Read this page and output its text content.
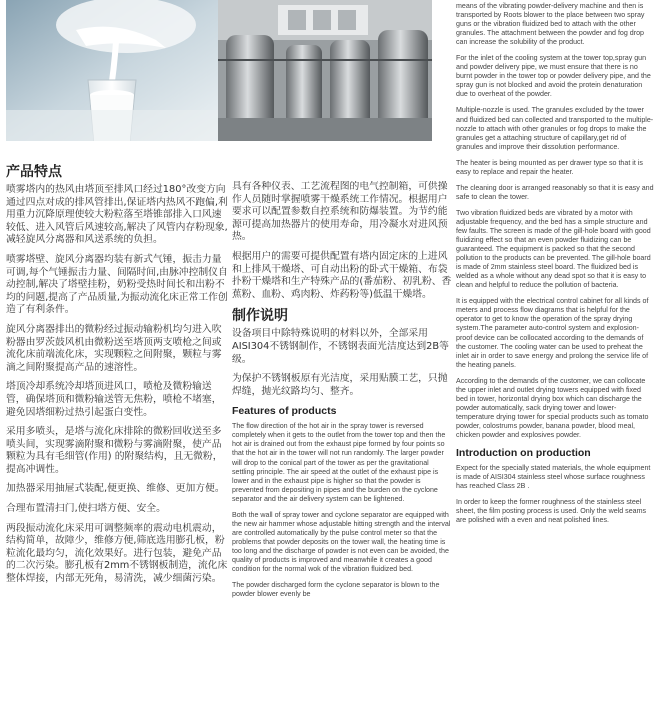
产品特点

喷雾塔内的热风由塔顶至排风口经过180°改变方向通过四点对成的排风管排出,保证塔内热风不跑偏,利用重力沉降原理使较大粉粒落至塔锥部排入口风速较低、进入风管后风速较高,解决了风管内存粉现象,减轻旋风分离器和风送系统的负担。

喷雾塔壁、旋风分离器均装有新式气锤，振击力量可调,每个气锤振击力量、间隔时间,由脉冲控制仪自动控制,解决了塔壁挂粉，奶粉受热时间长和出粉不均的问题,提高了产品质量,为振动流化床正常工作创造了有利条件。

旋风分离器排出的微粉经过振动输粉机均匀进入吹粉器由罗茨鼓风机由微粉送至塔顶两支喷枪之间或流化床前端流化床，实现颗粒之间附聚，颗粒与雾滴之间附聚提高产品的速溶性。

塔顶冷却系统冷却塔顶进风口，喷枪及微粉输送管，确保塔顶和微粉输送管无焦粉，喷枪不堵塞，避免因塔细粉过热引起蛋白变性。

采用多喷头，是塔与流化床排除的微粉回收送至多喷头间，实现雾滴附聚和微粉与雾滴附聚，使产品颗粒为具有毛细管(作用) 的附聚结构，且无微粉，提高冲调性。

加热器采用抽屉式装配,便更换、维修、更加方便。

合理布置清扫门,使扫塔方便、安全。

两段振动流化床采用可调整频率的震动电机震动，结构简单，故障少，维修方便,筛底选用膨孔板，粉粒流化最均匀，流化效果好。进行包装，避免产品的二次污染。膨孔板有2mm不锈钢板制造，流化床整体焊接，内部无死角，易清洗，减少细菌污染。

具有各种仪表、工艺流程图的电气控制箱，可供操作人员随时掌握喷雾干燥系统工作情况。根据用户要求可以配置参数自控系统和防爆装置。为节约能源可提高加热器片的使用寿命，用冷凝水对进风预热。

根据用户的需要可提供配置有塔内固定床的上进风和上排风干燥塔、可自动出粉的卧式干燥箱、布袋扑粉干燥塔和生产特殊产品的(番茄粉、初乳粉、香蕉粉、血粉、鸡肉粉、炸药粉等)低温干燥塔。

制作说明

设备项目中除特殊说明的材料以外，全部采用AISI304不锈钢制作，不锈钢表面光洁度达到2B等级。

为保护不锈钢板原有光洁度，采用贴膜工艺，只抛焊缝，抛光纹路均匀、整齐。

Features of products

The flow direction of the hot air in the spray tower is reversed completely when it gets to the outlet from the tower top and then the hot air is drained out from the exhaust pipe formed by four points so that the hot air in the tower will not run randomly. The larger powder will drop to the conical part of the tower as per the gravitational settling principle. The air speed at the outlet of the exhaust pipe is lower and in the exhaust pipe is higher so that the powder is prevented from depositing in pipes and the burden on the cyclone separator and the air delivery system can be lightened.

Both the wall of spray tower and cyclone separator are equipped with the new air hammer whose adjustable hitting strength and the interval are controlled automatically by the pulse control meter so that the problems that powder deposits on the tower wall, the heating time is too long and the discharge of powder is not even can be avoided, the quality of products is improved and meanwhile it creates a good condition for the normal wok of the vibration fluidized bed.

The powder discharged form the cyclone separator is blown to the powder blower evenly be

means of the vibrating powder-delivery machine and then is transported by Roots blower to the place between two spray guns or the vibration fluidized bed to attach with the other granules. The attachment between the powder and fog drop can increase the solubility of the product.

For the inlet of the cooling system at the tower top,spray gun and powder delivery pipe, we must ensure that there is no burnt powder in the tower top or powder delivery pipe, and the spray gun is not blocked and avoid the protein denaturation due to overheat of the powder.

Multiple-nozzle is used. The granules excluded by the tower and fluidized bed can collected and transported to the multiple-nozzle to attach with other granules or fog drops to make the granules get a attaching structure of capillary,get rid of granules and improve their dissolution performance.

The heater is being mounted as per drawer type so that it is easy to replace and repair the heater.

The cleaning door is arranged reasonably so that it is easy and safe to clean the tower.

Two vibration fluidized beds are vibrated by a motor with adjustable frequency, and the bed has a simple structure and few faults. The screen is made of the gill-hole board with good fluidizing effect so that an even powder fluidizing can be guaranteed. The equipment is packed so that the second pollution to the products can be prevented. The gill-hole board is made of 2mm stainless steel board. The fluidized bed is welded as a whole without any dead spot so that it is easy to clean and helpful to reduce the pollution of bacteria.

It is equipped with the electrical control cabinet for all kinds of meters and process flow diagrams that is helpful for the operator to get to know the operation of the spray drying system.The parameter auto-control system and explosion-proof device can be collocated according to the demands of the customer. The cooling water can be used to preheat the inlet air in order to save energy and prolong the service life of the heating panels.

According to the demands of the customer, we can collocate the upper inlet and outlet drying towers equipped with fixed bed in tower, horizontal drying box which can discharge the powder automatically, sack drying tower and lower-temperature drying tower for special products such as tomato powder, colostrums powder, banana powder, blood meal, chicken powder and explosives powder.

Introduction on production

Expect for the specially stated materials, the whole equipment is made of AISI304 stainless steel whose surface roughness has reached Class 2B .

In order to keep the former roughness of the stainless steel sheet, the film posting process is used. Only the weld seams are polished with a even and neat polished lines.
